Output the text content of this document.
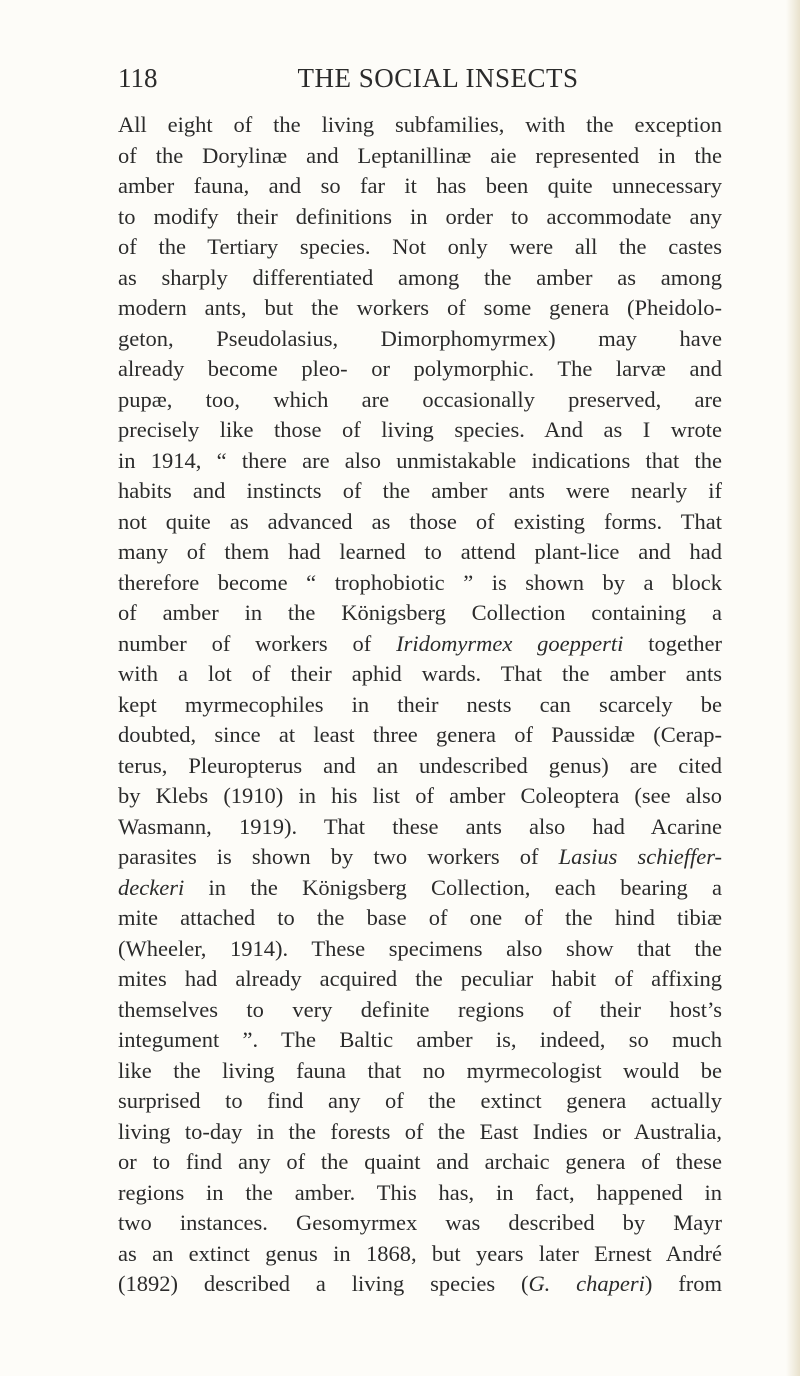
118	THE SOCIAL INSECTS
All eight of the living subfamilies, with the exception
of the Dorylinæ and Leptanillinæ aie represented in the
amber fauna, and so far it has been quite unnecessary
to modify their definitions in order to accommodate any
of the Tertiary species. Not only were all the castes
as sharply differentiated among the amber as among
modern ants, but the workers of some genera (Pheidolo-
geton, Pseudolasius, Dimorphomyrmex) may have
already become pleo- or polymorphic. The larvæ and
pupæ, too, which are occasionally preserved, are
precisely like those of living species. And as I wrote
in 1914, “ there are also unmistakable indications that the
habits and instincts of the amber ants were nearly if
not quite as advanced as those of existing forms. That
many of them had learned to attend plant-lice and had
therefore become “ trophobiotic ” is shown by a block
of amber in the Königsberg Collection containing a
number of workers of Iridomyrmex goepperti together
with a lot of their aphid wards. That the amber ants
kept myrmecophiles in their nests can scarcely be
doubted, since at least three genera of Paussidæ (Cerap-
terus, Pleuropterus and an undescribed genus) are cited
by Klebs (1910) in his list of amber Coleoptera (see also
Wasmann, 1919). That these ants also had Acarine
parasites is shown by two workers of Lasius schieffer-
deckeri in the Königsberg Collection, each bearing a
mite attached to the base of one of the hind tibiæ
(Wheeler, 1914). These specimens also show that the
mites had already acquired the peculiar habit of affixing
themselves to very definite regions of their host’s
integument ”. The Baltic amber is, indeed, so much
like the living fauna that no myrmecologist would be
surprised to find any of the extinct genera actually
living to-day in the forests of the East Indies or Australia,
or to find any of the quaint and archaic genera of these
regions in the amber. This has, in fact, happened in
two instances. Gesomyrmex was described by Mayr
as an extinct genus in 1868, but years later Ernest André
(1892) described a living species (G. chaperi) from
